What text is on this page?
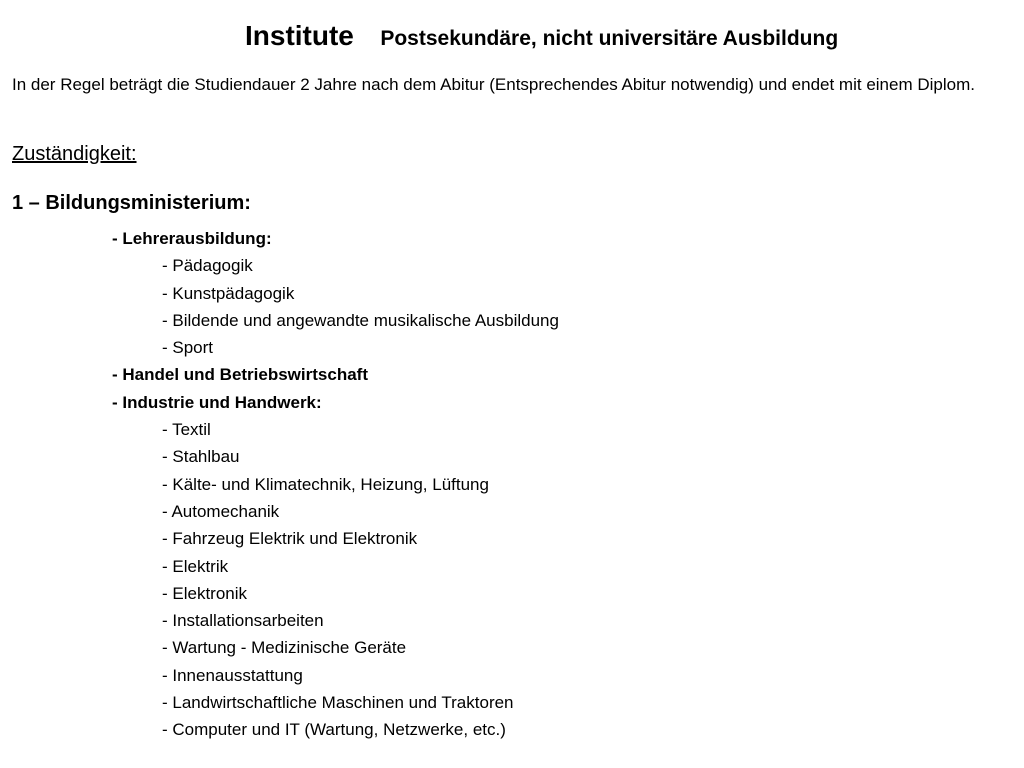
Institute Postsekundäre, nicht universitäre Ausbildung
In der Regel beträgt die Studiendauer 2 Jahre nach dem Abitur (Entsprechendes Abitur notwendig) und endet mit einem Diplom.
Zuständigkeit:
1 – Bildungsministerium:
- Lehrerausbildung:
- Pädagogik
- Kunstpädagogik
- Bildende und angewandte musikalische Ausbildung
- Sport
- Handel und Betriebswirtschaft
- Industrie und Handwerk:
- Textil
- Stahlbau
- Kälte- und Klimatechnik, Heizung, Lüftung
- Automechanik
- Fahrzeug Elektrik und Elektronik
- Elektrik
- Elektronik
- Installationsarbeiten
- Wartung - Medizinische Geräte
- Innenausstattung
- Landwirtschaftliche Maschinen und Traktoren
- Computer und IT (Wartung, Netzwerke, etc.)
